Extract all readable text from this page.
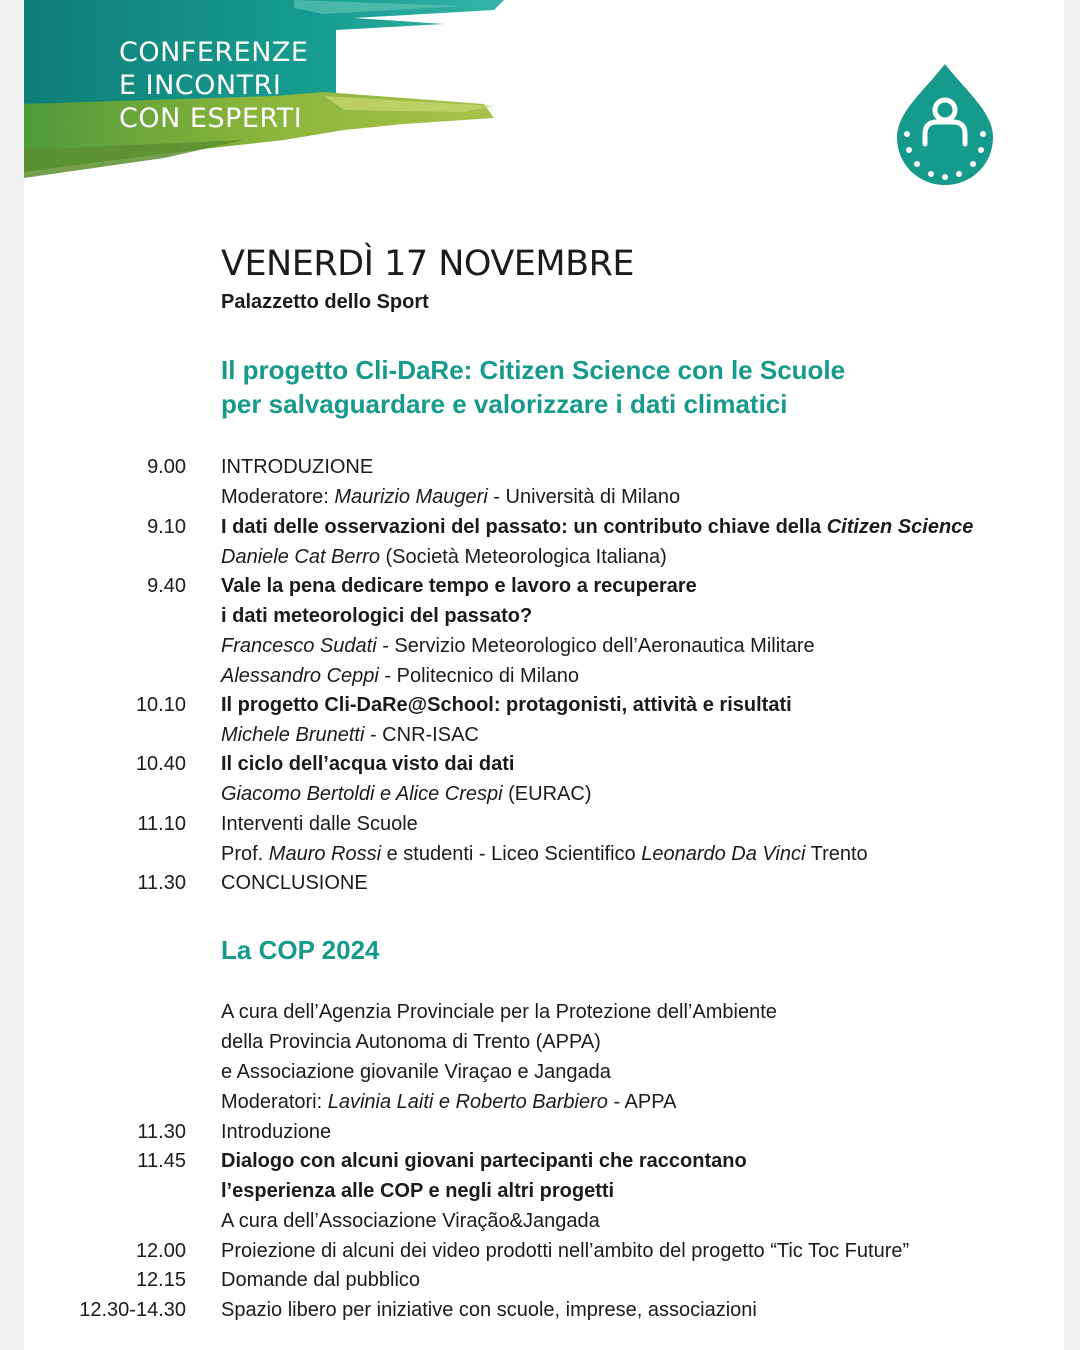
CONFERENZE
E INCONTRI
CON ESPERTI
VENERDÌ 17 NOVEMBRE
Palazzetto dello Sport
Il progetto Cli-DaRe: Citizen Science con le Scuole
per salvaguardare e valorizzare i dati climatici
9.00 INTRODUZIONE
Moderatore: Maurizio Maugeri - Università di Milano
9.10 I dati delle osservazioni del passato: un contributo chiave della Citizen Science
Daniele Cat Berro (Società Meteorologica Italiana)
9.40 Vale la pena dedicare tempo e lavoro a recuperare
i dati meteorologici del passato?
Francesco Sudati - Servizio Meteorologico dell’Aeronautica Militare
Alessandro Ceppi - Politecnico di Milano
10.10 Il progetto Cli-DaRe@School: protagonisti, attività e risultati
Michele Brunetti - CNR-ISAC
10.40 Il ciclo dell’acqua visto dai dati
Giacomo Bertoldi e Alice Crespi (EURAC)
11.10 Interventi dalle Scuole
Prof. Mauro Rossi e studenti - Liceo Scientifico Leonardo Da Vinci Trento
11.30 CONCLUSIONE
La COP 2024
A cura dell’Agenzia Provinciale per la Protezione dell’Ambiente
della Provincia Autonoma di Trento (APPA)
e Associazione giovanile Viraçao e Jangada
Moderatori: Lavinia Laiti e Roberto Barbiero - APPA
11.30 Introduzione
11.45 Dialogo con alcuni giovani partecipanti che raccontano
l’esperienza alle COP e negli altri progetti
A cura dell’Associazione Viração&Jangada
12.00 Proiezione di alcuni dei video prodotti nell’ambito del progetto “Tic Toc Future”
12.15 Domande dal pubblico
12.30-14.30 Spazio libero per iniziative con scuole, imprese, associazioni
